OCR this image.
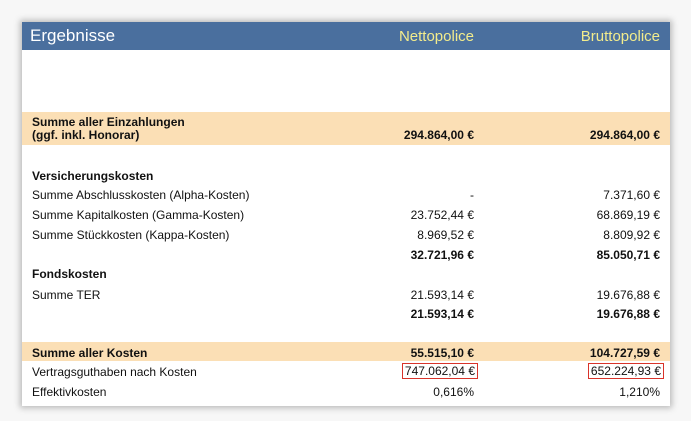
Ergebnisse	Nettopolice	Bruttopolice
Summe aller Einzahlungen
(ggf. inkl. Honorar)	294.864,00 €	294.864,00 €
Versicherungskosten
Summe Abschlusskosten (Alpha-Kosten)	-	7.371,60 €
Summe Kapitalkosten (Gamma-Kosten)	23.752,44 €	68.869,19 €
Summe Stückkosten (Kappa-Kosten)	8.969,52 €	8.809,92 €
32.721,96 €	85.050,71 €
Fondskosten
Summe TER	21.593,14 €	19.676,88 €
21.593,14 €	19.676,88 €
Summe aller Kosten	55.515,10 €	104.727,59 €
Vertragsguthaben nach Kosten	747.062,04 €	652.224,93 €
Effektivkosten	0,616%	1,210%
